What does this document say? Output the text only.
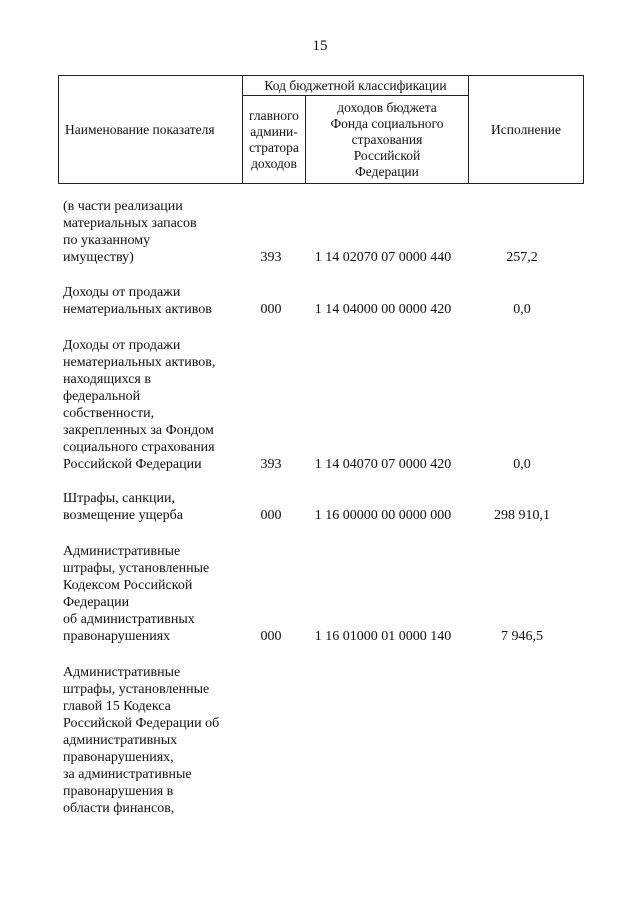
15
Наименование показателя	Код бюджетной классификации		Исполнение
	главного
админи-
стратора
доходов	доходов бюджета
Фонда социального
страхования
Российской
Федерации	
(в части реализации
материальных запасов
по указанному
имуществу)	393	1 14 02070 07 0000 440	257,2
Доходы от продажи
нематериальных активов	000	1 14 04000 00 0000 420	0,0
Доходы от продажи
нематериальных активов,
находящихся в
федеральной
собственности,
закрепленных за Фондом
социального страхования
Российской Федерации	393	1 14 04070 07 0000 420	0,0
Штрафы, санкции,
возмещение ущерба	000	1 16 00000 00 0000 000	298 910,1
Административные
штрафы, установленные
Кодексом Российской
Федерации
об административных
правонарушениях	000	1 16 01000 01 0000 140	7 946,5
Административные
штрафы, установленные
главой 15 Кодекса
Российской Федерации об
административных
правонарушениях,
за административные
правонарушения в
области финансов,
